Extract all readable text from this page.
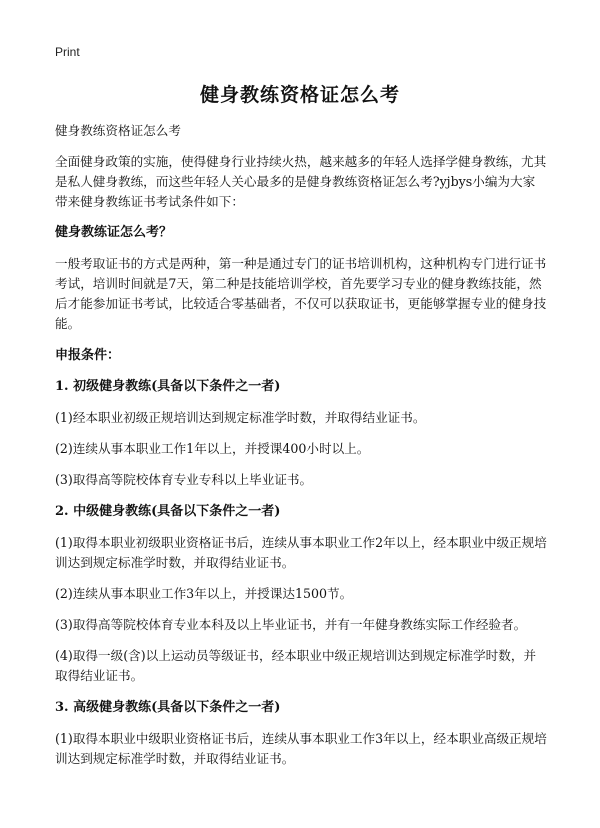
Print
健身教练资格证怎么考

健身教练资格证怎么考

全面健身政策的实施，使得健身行业持续火热，越来越多的年轻人选择学健身教练，尤其是私人健身教练，而这些年轻人关心最多的是健身教练资格证怎么考?yjbys小编为大家带来健身教练证书考试条件如下：

健身教练证怎么考？

一般考取证书的方式是两种，第一种是通过专门的证书培训机构，这种机构专门进行证书考试，培训时间就是7天，第二种是技能培训学校，首先要学习专业的健身教练技能，然后才能参加证书考试，比较适合零基础者，不仅可以获取证书，更能够掌握专业的健身技能。

申报条件：

1. 初级健身教练(具备以下条件之一者)

(1)经本职业初级正规培训达到规定标准学时数，并取得结业证书。

(2)连续从事本职业工作1年以上，并授课400小时以上。

(3)取得高等院校体育专业专科以上毕业证书。

2. 中级健身教练(具备以下条件之一者)

(1)取得本职业初级职业资格证书后，连续从事本职业工作2年以上，经本职业中级正规培训达到规定标准学时数，并取得结业证书。

(2)连续从事本职业工作3年以上，并授课达1500节。

(3)取得高等院校体育专业本科及以上毕业证书，并有一年健身教练实际工作经验者。

(4)取得一级(含)以上运动员等级证书，经本职业中级正规培训达到规定标准学时数，并取得结业证书。

3. 高级健身教练(具备以下条件之一者)

(1)取得本职业中级职业资格证书后，连续从事本职业工作3年以上，经本职业高级正规培训达到规定标准学时数，并取得结业证书。
